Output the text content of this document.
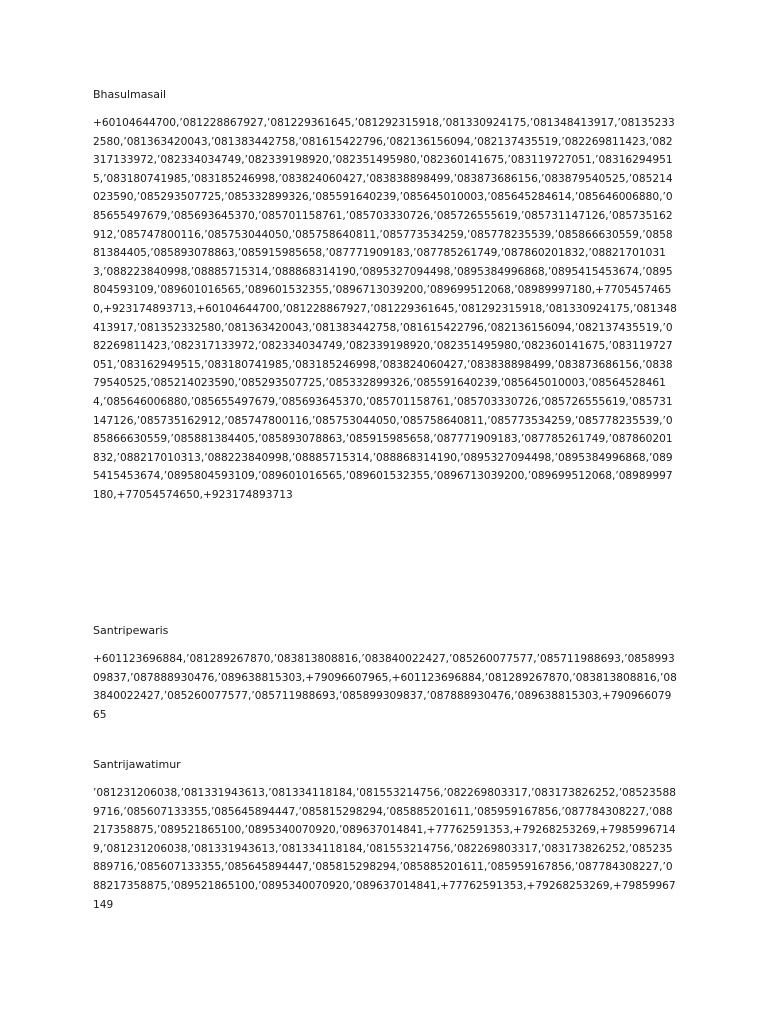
Bhasulmasail

+60104644700,’081228867927,’081229361645,’081292315918,’081330924175,’081348413917,’081352332580,’081363420043,’081383442758,’081615422796,’082136156094,’082137435519,’082269811423,’082317133972,’082334034749,’082339198920,’082351495980,’082360141675,’083119727051,’083162949515,’083180741985,’083185246998,’083824060427,’083838898499,’083873686156,’083879540525,’085214023590,’085293507725,’085332899326,’085591640239,’085645010003,’085645284614,’085646006880,’085655497679,’085693645370,’085701158761,’085703330726,’085726555619,’085731147126,’085735162912,’085747800116,’085753044050,’085758640811,’085773534259,’085778235539,’085866630559,’085881384405,’085893078863,’085915985658,’087771909183,’087785261749,’087860201832,’088217010313,’088223840998,’08885715314,’088868314190,’0895327094498,’0895384996868,’0895415453674,’0895804593109,’089601016565,’089601532355,’0896713039200,’089699512068,’08989997180,+77054574650,+923174893713,+60104644700,’081228867927,’081229361645,’081292315918,’081330924175,’081348413917,’081352332580,’081363420043,’081383442758,’081615422796,’082136156094,’082137435519,’082269811423,’082317133972,’082334034749,’082339198920,’082351495980,’082360141675,’083119727051,’083162949515,’083180741985,’083185246998,’083824060427,’083838898499,’083873686156,’083879540525,’085214023590,’085293507725,’085332899326,’085591640239,’085645010003,’085645284614,’085646006880,’085655497679,’085693645370,’085701158761,’085703330726,’085726555619,’085731147126,’085735162912,’085747800116,’085753044050,’085758640811,’085773534259,’085778235539,’085866630559,’085881384405,’085893078863,’085915985658,’087771909183,’087785261749,’087860201832,’088217010313,’088223840998,’08885715314,’088868314190,’0895327094498,’0895384996868,’0895415453674,’0895804593109,’089601016565,’089601532355,’0896713039200,’089699512068,’08989997180,+77054574650,+923174893713

Santripewaris

+601123696884,’081289267870,’083813808816,’083840022427,’085260077577,’085711988693,’085899309837,’087888930476,’089638815303,+79096607965,+601123696884,’081289267870,’083813808816,’083840022427,’085260077577,’085711988693,’085899309837,’087888930476,’089638815303,+79096607965

Santrijawatimur

’081231206038,’081331943613,’081334118184,’081553214756,’082269803317,’083173826252,’085235889716,’085607133355,’085645894447,’085815298294,’085885201611,’085959167856,’087784308227,’088217358875,’089521865100,’0895340070920,’089637014841,+77762591353,+79268253269,+79859967149,’081231206038,’081331943613,’081334118184,’081553214756,’082269803317,’083173826252,’085235889716,’085607133355,’085645894447,’085815298294,’085885201611,’085959167856,’087784308227,’088217358875,’089521865100,’0895340070920,’089637014841,+77762591353,+79268253269,+79859967149
